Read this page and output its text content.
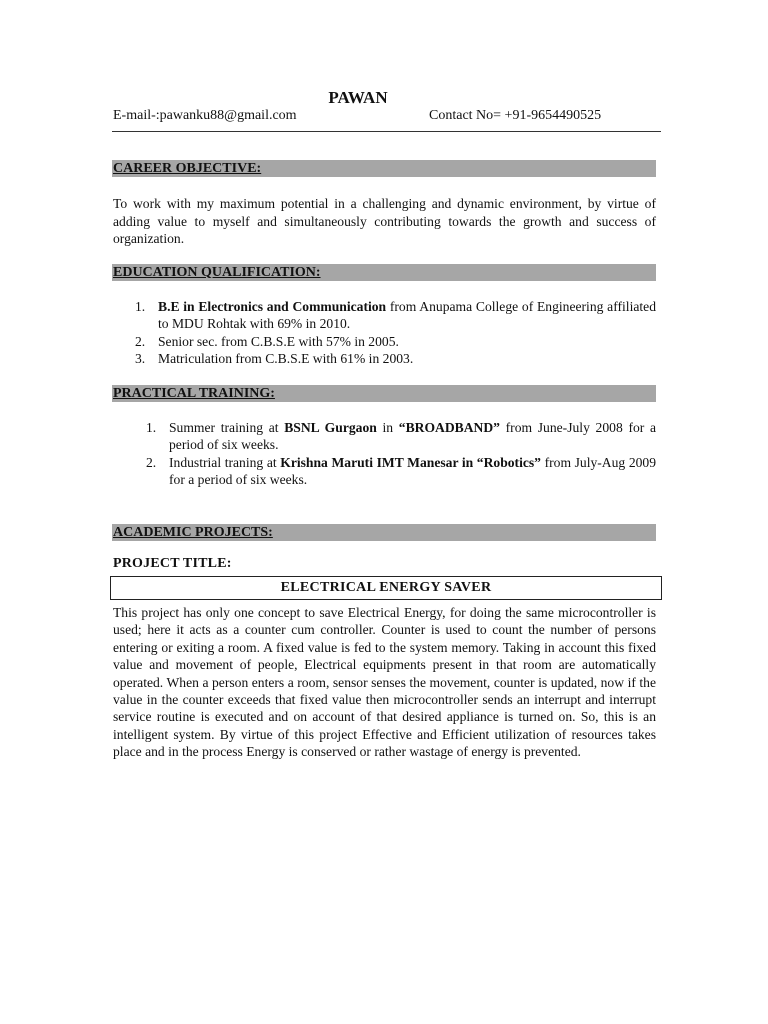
PAWAN
E-mail-:pawanku88@gmail.com	Contact No= +91-9654490525
CAREER OBJECTIVE:
To work with my maximum potential in a challenging and dynamic environment, by virtue of adding value to myself and simultaneously contributing towards the growth and success of organization.
EDUCATION QUALIFICATION:
1. B.E in Electronics and Communication from Anupama College of Engineering affiliated to MDU Rohtak with 69% in 2010.
2. Senior sec. from C.B.S.E with 57% in 2005.
3. Matriculation from C.B.S.E with 61% in 2003.
PRACTICAL TRAINING:
1. Summer training at BSNL Gurgaon in “BROADBAND” from June-July 2008 for a period of six weeks.
2. Industrial traning at Krishna Maruti IMT Manesar in “Robotics” from July-Aug 2009 for a period of six weeks.
ACADEMIC PROJECTS:
PROJECT TITLE:
ELECTRICAL ENERGY SAVER
This project has only one concept to save Electrical Energy, for doing the same microcontroller is used; here it acts as a counter cum controller. Counter is used to count the number of persons entering or exiting a room. A fixed value is fed to the system memory. Taking in account this fixed value and movement of people, Electrical equipments present in that room are automatically operated. When a person enters a room, sensor senses the movement, counter is updated, now if the value in the counter exceeds that fixed value then microcontroller sends an interrupt and interrupt service routine is executed and on account of that desired appliance is turned on. So, this is an intelligent system. By virtue of this project Effective and Efficient utilization of resources takes place and in the process Energy is conserved or rather wastage of energy is prevented.
